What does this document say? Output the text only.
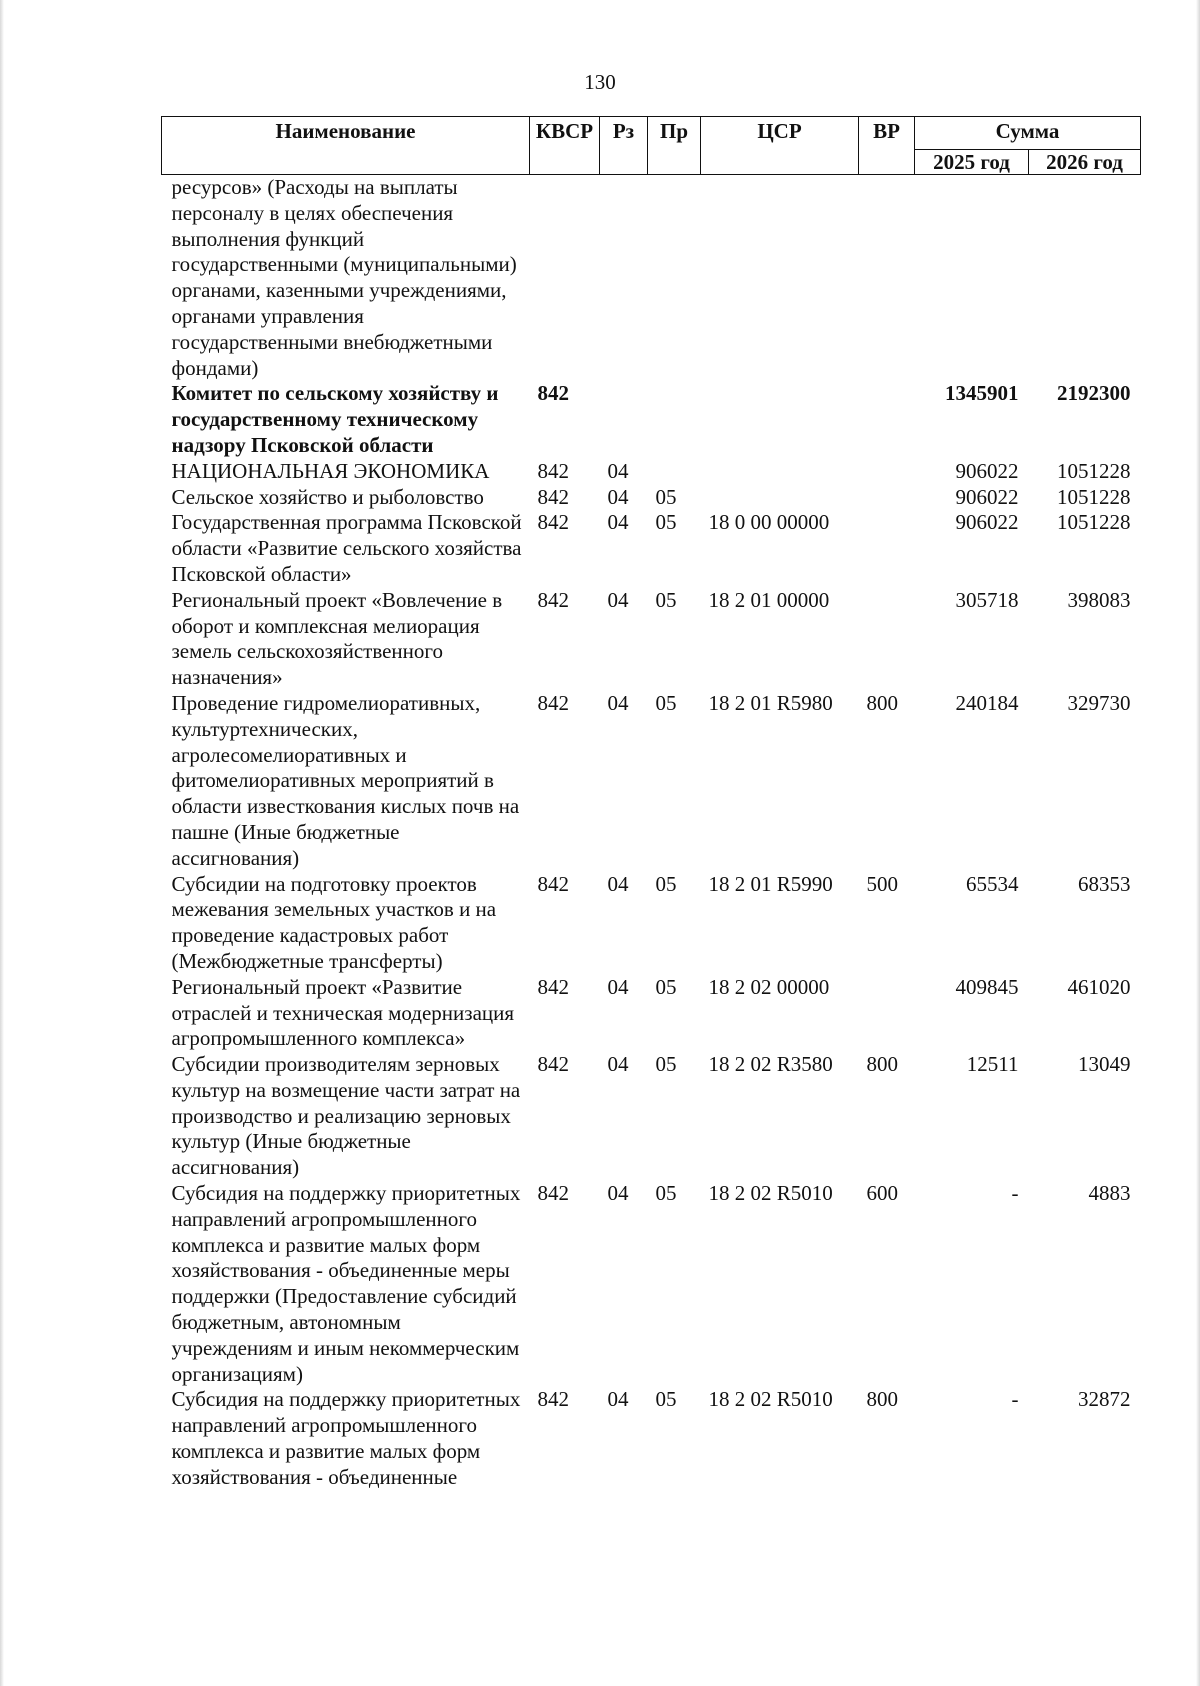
130
Наименование	КВСР	Рз	Пр	ЦСР	ВР	Сумма	
						2025 год	2026 год
ресурсов» (Расходы на выплаты персоналу в целях обеспечения выполнения функций государственными (муниципальными) органами, казенными учреждениями, органами управления государственными внебюджетными фондами)							
Комитет по сельскому хозяйству и государственному техническому надзору Псковской области	842					1345901	2192300
НАЦИОНАЛЬНАЯ ЭКОНОМИКА	842	04				906022	1051228
Сельское хозяйство и рыболовство	842	04	05			906022	1051228
Государственная программа Псковской области «Развитие сельского хозяйства Псковской области»	842	04	05	18 0 00 00000		906022	1051228
Региональный проект «Вовлечение в оборот и комплексная мелиорация земель сельскохозяйственного назначения»	842	04	05	18 2 01 00000		305718	398083
Проведение гидромелиоративных, культуртехнических, агролесомелиоративных и фитомелиоративных мероприятий в области известкования кислых почв на пашне (Иные бюджетные ассигнования)	842	04	05	18 2 01 R5980	800	240184	329730
Субсидии на подготовку проектов межевания земельных участков и на проведение кадастровых работ (Межбюджетные трансферты)	842	04	05	18 2 01 R5990	500	65534	68353
Региональный проект «Развитие отраслей и техническая модернизация агропромышленного комплекса»	842	04	05	18 2 02 00000		409845	461020
Субсидии производителям зерновых культур на возмещение части затрат на производство и реализацию зерновых культур (Иные бюджетные ассигнования)	842	04	05	18 2 02 R3580	800	12511	13049
Субсидия на поддержку приоритетных направлений агропромышленного комплекса и развитие малых форм хозяйствования - объединенные меры поддержки (Предоставление субсидий бюджетным, автономным учреждениям и иным некоммерческим организациям)	842	04	05	18 2 02 R5010	600	-	4883
Субсидия на поддержку приоритетных направлений агропромышленного комплекса и развитие малых форм хозяйствования - объединенные	842	04	05	18 2 02 R5010	800	-	32872
